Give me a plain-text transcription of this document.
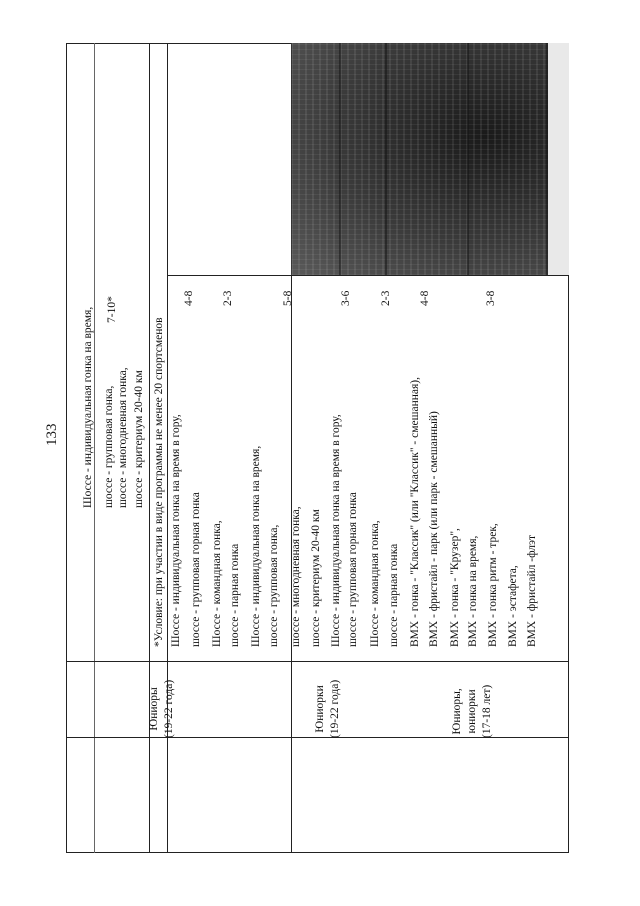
133 Шоссе - индивидуальная гонка на время, шоссе - групповая гонка, шоссе - многодневная гонка, шоссе - критериум 20-40 км
7-10*
*Условие: при участии в виде программы не менее 20 спортсменов
Юниоры (19-22 года)
Шоссе - индивидуальная гонка на время в гору, шоссе - групповая горная гонка
4-8
Шоссе - командная гонка, шоссе - парная гонка
2-3
Юниорки (19-22 года)
Шоссе - индивидуальная гонка на время, шоссе - групповая гонка, шоссе - многодневная гонка, шоссе - критериум 20-40 км
5-8
Шоссе - индивидуальная гонка на время в гору, шоссе - групповая горная гонка
3-6
Шоссе - командная гонка, шоссе - парная гонка
2-3
Юниоры, юниорки (17-18 лет)
ВМХ - гонка - "Классик" (или "Классик" - смешанная), ВМХ - фристайл - парк (или парк - смешанный)
4-8
ВМХ - гонка - "Крузер", ВМХ - гонка на время, ВМХ - гонка ритм - трек, ВМХ - эстафета, ВМХ - фристайл -флэт
3-8
